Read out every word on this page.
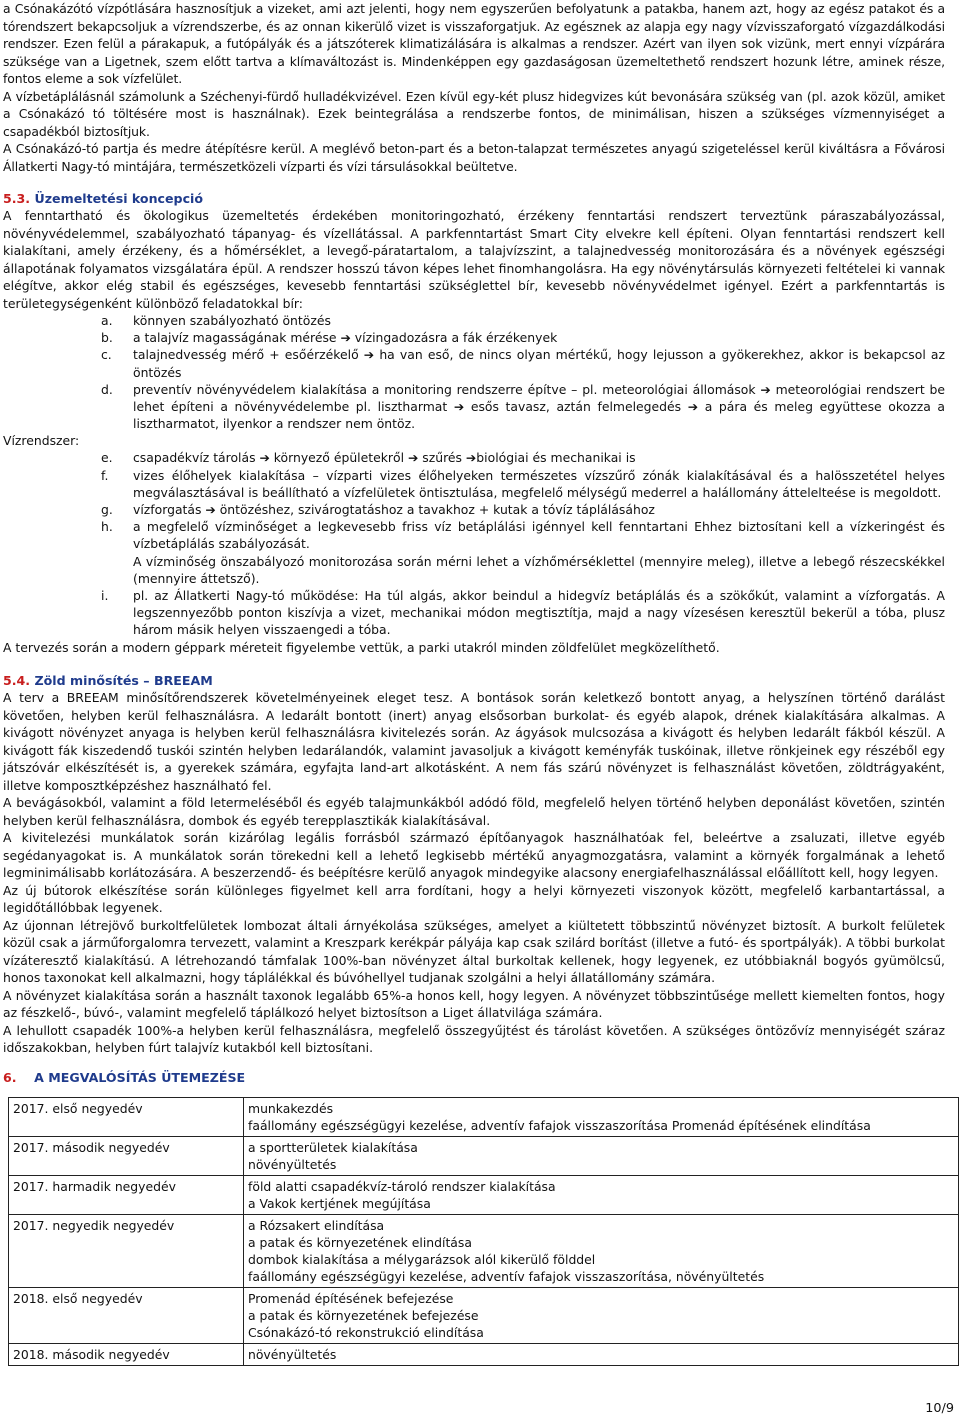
a Csónakázótó vízpótlására hasznosítjuk a vizeket, ami azt jelenti, hogy nem egyszerűen befolyatunk a patakba, hanem azt, hogy az egész patakot és a tórendszert bekapcsoljuk a vízrendszerbe, és az onnan kikerülő vizet is visszaforgatjuk. Az egésznek az alapja egy nagy vízvisszaforgató vízgazdálkodási rendszer. Ezen felül a párakapuk, a futópályák és a játszóterek klimatizálására is alkalmas a rendszer. Azért van ilyen sok vizünk, mert ennyi vízpárára szüksége van a Ligetnek, szem előtt tartva a klímaváltozást is. Mindenképpen egy gazdaságosan üzemeltethető rendszert hozunk létre, aminek része, fontos eleme a sok vízfelület.

A vízbetáplálásnál számolunk a Széchenyi-fürdő hulladékvizével. Ezen kívül egy-két plusz hidegvizes kút bevonására szükség van (pl. azok közül, amiket a Csónakázó tó töltésére most is használnak). Ezek beintegrálása a rendszerbe fontos, de minimálisan, hiszen a szükséges vízmennyiséget a csapadékból biztosítjuk.

A Csónakázó-tó partja és medre átépítésre kerül. A meglévő beton-part és a beton-talapzat természetes anyagú szigeteléssel kerül kiváltásra a Fővárosi Állatkerti Nagy-tó mintájára, természetközeli vízparti és vízi társulásokkal beültetve.

5.3. Üzemeltetési koncepció

A fenntartható és ökologikus üzemeltetés érdekében monitoringozható, érzékeny fenntartási rendszert terveztünk páraszabályozással, növényvédelemmel, szabályozható tápanyag- és vízellátással. A parkfenntartást Smart City elvekre kell építeni. Olyan fenntartási rendszert kell kialakítani, amely érzékeny, és a hőmérséklet, a levegő-páratartalom, a talajvízszint, a talajnedvesség monitorozására és a növények egészségi állapotának folyamatos vizsgálatára épül. A rendszer hosszú távon képes lehet finomhangolásra. Ha egy növénytársulás környezeti feltételei ki vannak elégítve, akkor elég stabil és egészséges, kevesebb fenntartási szükséglettel bír, kevesebb növényvédelmet igényel. Ezért a parkfenntartás is területegységenként különböző feladatokkal bír:

a. könnyen szabályozható öntözés
b. a talajvíz magasságának mérése ➔ vízingadozásra a fák érzékenyek
c. talajnedvesség mérő + esőérzékelő ➔ ha van eső, de nincs olyan mértékű, hogy lejusson a gyökerekhez, akkor is bekapcsol az öntözés
d. preventív növényvédelem kialakítása a monitoring rendszerre építve – pl. meteorológiai állomások ➔ meteorológiai rendszert be lehet építeni a növényvédelembe pl. lisztharmat ➔ esős tavasz, aztán felmelegedés ➔ a pára és meleg együttese okozza a lisztharmatot, ilyenkor a rendszer nem öntöz.

Vízrendszer:

e. csapadékvíz tárolás ➔ környező épületekről ➔ szűrés ➔biológiai és mechanikai is
f. vizes élőhelyek kialakítása – vízparti vizes élőhelyeken természetes vízszűrő zónák kialakításával és a halösszetétel helyes megválasztásával is beállítható a vízfelületek öntisztulása, megfelelő mélységű mederrel a halállomány áttelelteése is megoldott.
g. vízforgatás ➔ öntözéshez, szivárogtatáshoz a tavakhoz + kutak a tóvíz táplálásához
h. a megfelelő vízminőséget a legkevesebb friss víz betáplálási igénnyel kell fenntartani Ehhez biztosítani kell a vízkeringést és vízbetáplálás szabályozását.
A vízminőség önszabályozó monitorozása során mérni lehet a vízhőmérséklettel (mennyire meleg), illetve a lebegő részecskékkel (mennyire áttetsző).
i. pl. az Állatkerti Nagy-tó működése: Ha túl algás, akkor beindul a hidegvíz betáplálás és a szökőkút, valamint a vízforgatás. A legszennyezőbb ponton kiszívja a vizet, mechanikai módon megtisztítja, majd a nagy vízesésen keresztül bekerül a tóba, plusz három másik helyen visszaengedi a tóba.

A tervezés során a modern géppark méreteit figyelembe vettük, a parki utakról minden zöldfelület megközelíthető.

5.4. Zöld minősítés – BREEAM

A terv a BREEAM minősítőrendszerek követelményeinek eleget tesz. A bontások során keletkező bontott anyag, a helyszínen történő darálást követően, helyben kerül felhasználásra. A ledarált bontott (inert) anyag elsősorban burkolat- és egyéb alapok, drének kialakítására alkalmas. A kivágott növényzet anyaga is helyben kerül felhasználásra kivitelezés során. Az ágyások mulcsozása a kivágott és helyben ledarált fákból készül. A kivágott fák kiszedendő tuskói szintén helyben ledarálandók, valamint javasoljuk a kivágott keményfák tuskóinak, illetve rönkjeinek egy részéből egy játszóvár elkészítését is, a gyerekek számára, egyfajta land-art alkotásként. A nem fás szárú növényzet is felhasználást követően, zöldtrágyaként, illetve komposztképzéshez használható fel.

A bevágásokból, valamint a föld letermeléséből és egyéb talajmunkákból adódó föld, megfelelő helyen történő helyben deponálást követően, szintén helyben kerül felhasználásra, dombok és egyéb terepplasztikák kialakításával.

A kivitelezési munkálatok során kizárólag legális forrásból származó építőanyagok használhatóak fel, beleértve a zsaluzati, illetve egyéb segédanyagokat is. A munkálatok során törekedni kell a lehető legkisebb mértékű anyagmozgatásra, valamint a környék forgalmának a lehető legminimálisabb korlátozására. A beszerzendő- és beépítésre kerülő anyagok mindegyike alacsony energiafelhasználással előállított kell, hogy legyen.

Az új bútorok elkészítése során különleges figyelmet kell arra fordítani, hogy a helyi környezeti viszonyok között, megfelelő karbantartással, a legidőtállóbbak legyenek.

Az újonnan létrejövő burkoltfelületek lombozat általi árnyékolása szükséges, amelyet a kiültetett többszintű növényzet biztosít. A burkolt felületek közül csak a járműforgalomra tervezett, valamint a Kreszpark kerékpár pályája kap csak szilárd borítást (illetve a futó- és sportpályák). A többi burkolat vízáteresztő kialakítású. A létrehozandó támfalak 100%-ban növényzet által burkoltak kellenek, hogy legyenek, ez utóbbiaknál bogyós gyümölcsű, honos taxonokat kell alkalmazni, hogy táplálékkal és búvóhellyel tudjanak szolgálni a helyi állatállomány számára.

A növényzet kialakítása során a használt taxonok legalább 65%-a honos kell, hogy legyen. A növényzet többszintűsége mellett kiemelten fontos, hogy az fészkelő-, búvó-, valamint megfelelő táplálkozó helyet biztosítson a Liget állatvilága számára.

A lehullott csapadék 100%-a helyben kerül felhasználásra, megfelelő összegyűjtést és tárolást követően. A szükséges öntözővíz mennyiségét száraz időszakokban, helyben fúrt talajvíz kutakból kell biztosítani.

6. A MEGVALÓSÍTÁS ÜTEMEZÉSE
2017. első negyedév	munkakezdés
faállomány egészségügyi kezelése, adventív fafajok visszaszorítása Promenád építésének elindítása

2017. második negyedév	a sportterületek kialakítása
növényültetés

2017. harmadik negyedév	föld alatti csapadékvíz-tároló rendszer kialakítása
a Vakok kertjének megújítása

2017. negyedik negyedév	a Rózsakert elindítása
a patak és környezetének elindítása
dombok kialakítása a mélygarázsok alól kikerülő földdel
faállomány egészségügyi kezelése, adventív fafajok visszaszorítása, növényültetés

2018. első negyedév	Promenád építésének befejezése
a patak és környezetének befejezése
Csónakázó-tó rekonstrukció elindítása

2018. második negyedév	növényültetés
10/9
